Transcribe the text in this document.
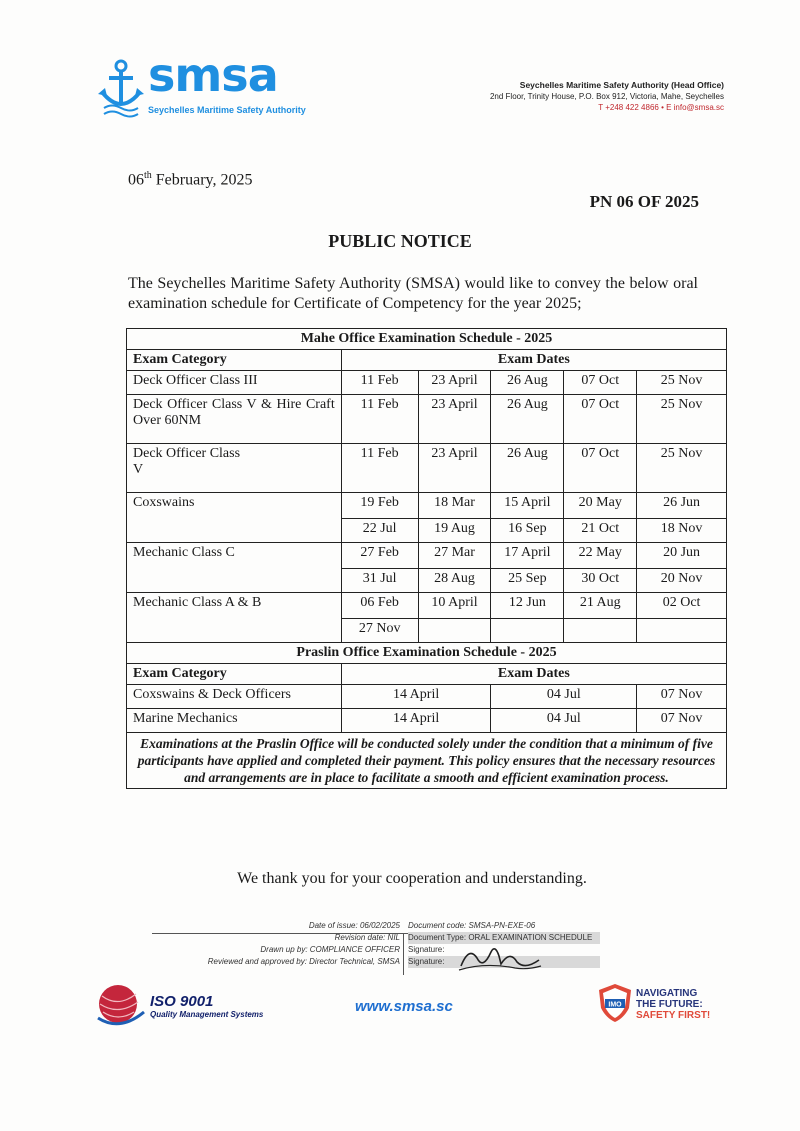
smsa
Seychelles Maritime Safety Authority
Seychelles Maritime Safety Authority (Head Office)
2nd Floor, Trinity House, P.O. Box 912, Victoria, Mahe, Seychelles
T +248 422 4866 • E info@smsa.sc
06th February, 2025
PN 06 OF 2025
PUBLIC NOTICE
The Seychelles Maritime Safety Authority (SMSA) would like to convey the below oral examination schedule for Certificate of Competency for the year 2025;
Mahe Office Examination Schedule - 2025					
Exam Category	Exam Dates				
Deck Officer Class III	11 Feb	23 April	26 Aug	07 Oct	25 Nov
Deck Officer Class V & Hire Craft Over 60NM	11 Feb	23 April	26 Aug	07 Oct	25 Nov
Deck Officer Class V	11 Feb	23 April	26 Aug	07 Oct	25 Nov
Coxswains	19 Feb	18 Mar	15 April	20 May	26 Jun
	22 Jul	19 Aug	16 Sep	21 Oct	18 Nov
Mechanic Class C	27 Feb	27 Mar	17 April	22 May	20 Jun
	31 Jul	28 Aug	25 Sep	30 Oct	20 Nov
Mechanic Class A & B	06 Feb	10 April	12 Jun	21 Aug	02 Oct
	27 Nov				
Praslin Office Examination Schedule - 2025					
Exam Category	Exam Dates				
Coxswains & Deck Officers	14 April		04 Jul		07 Nov
Marine Mechanics	14 April		04 Jul		07 Nov
Examinations at the Praslin Office will be conducted solely under the condition that a minimum of five participants have applied and completed their payment. This policy ensures that the necessary resources and arrangements are in place to facilitate a smooth and efficient examination process.					
We thank you for your cooperation and understanding.
Date of issue: 06/02/2025
Revision date: NIL
Drawn up by: COMPLIANCE OFFICER
Reviewed and approved by: Director Technical, SMSA
Document code: SMSA-PN-EXE-06
Document Type: ORAL EXAMINATION SCHEDULE
Signature:
Signature:
ISO 9001
Quality Management Systems	www.smsa.sc	IMO
NAVIGATING
THE FUTURE:
SAFETY FIRST!
